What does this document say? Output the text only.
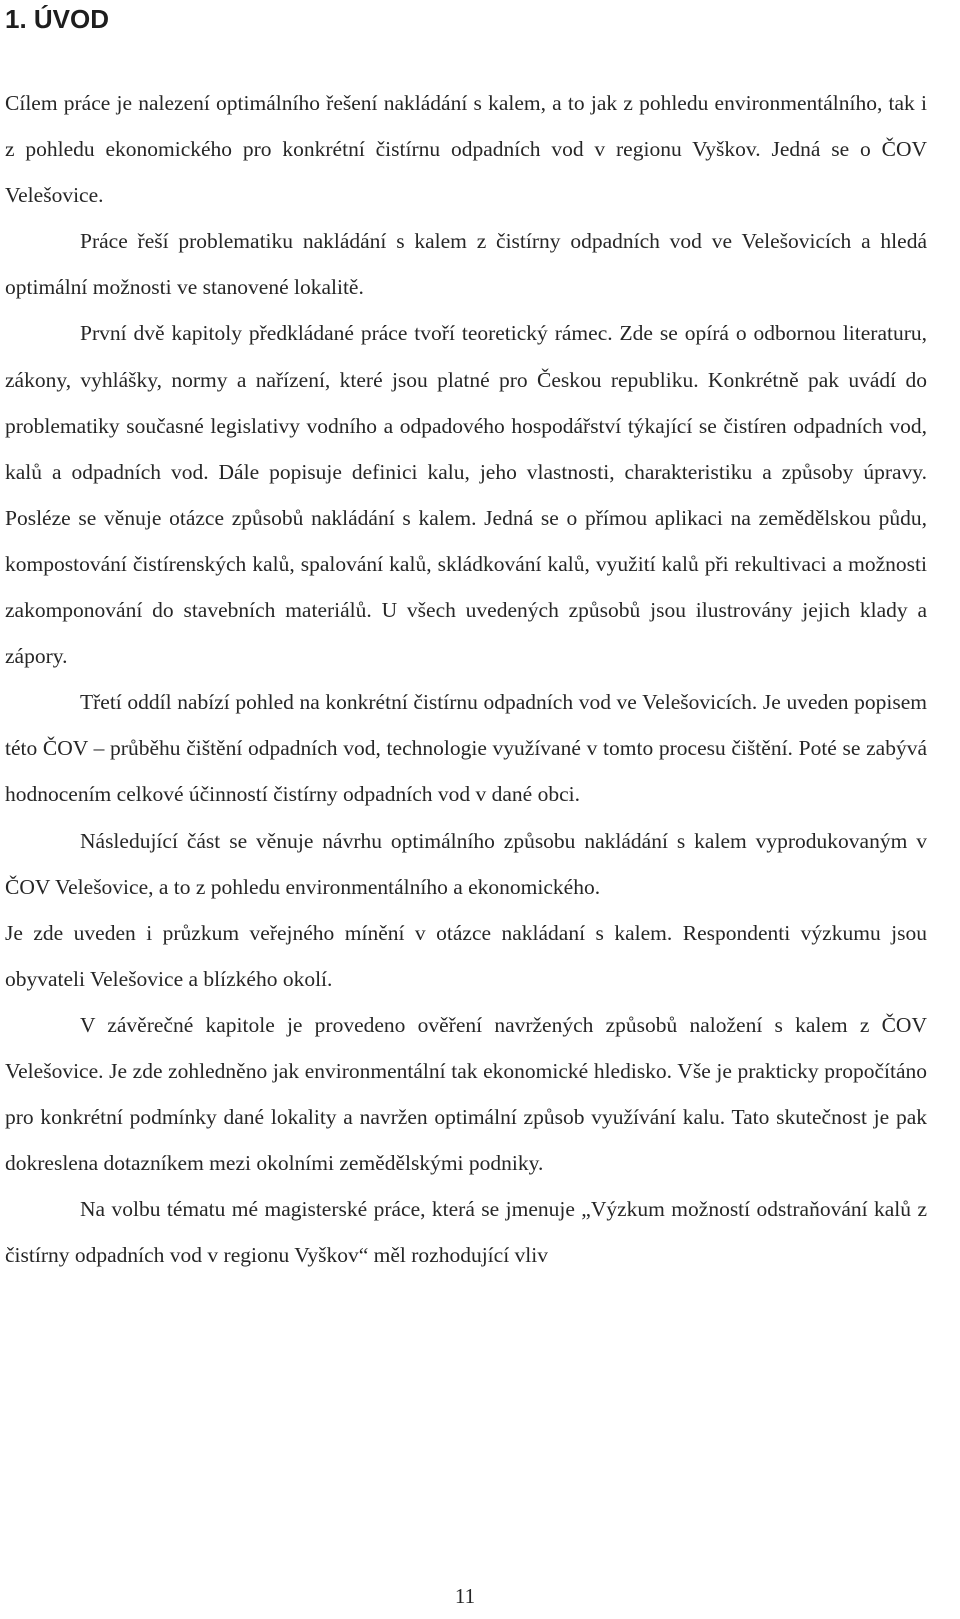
1. ÚVOD

Cílem práce je nalezení optimálního řešení nakládání s kalem, a to jak z pohledu environmentálního, tak i z pohledu ekonomického pro konkrétní čistírnu odpadních vod v regionu Vyškov. Jedná se o ČOV Velešovice.

Práce řeší problematiku nakládání s kalem z čistírny odpadních vod ve Velešovicích a hledá optimální možnosti ve stanovené lokalitě.

První dvě kapitoly předkládané práce tvoří teoretický rámec. Zde se opírá o odbornou literaturu, zákony, vyhlášky, normy a nařízení, které jsou platné pro Českou republiku. Konkrétně pak uvádí do problematiky současné legislativy vodního a odpadového hospodářství týkající se čistíren odpadních vod, kalů a odpadních vod. Dále popisuje definici kalu, jeho vlastnosti, charakteristiku a způsoby úpravy. Posléze se věnuje otázce způsobů nakládání s kalem. Jedná se o přímou aplikaci na zemědělskou půdu, kompostování čistírenských kalů, spalování kalů, skládkování kalů, využití kalů při rekultivaci a možnosti zakomponování do stavebních materiálů. U všech uvedených způsobů jsou ilustrovány jejich klady a zápory.

Třetí oddíl nabízí pohled na konkrétní čistírnu odpadních vod ve Velešovicích. Je uveden popisem této ČOV – průběhu čištění odpadních vod, technologie využívané v tomto procesu čištění. Poté se zabývá hodnocením celkové účinností čistírny odpadních vod v dané obci.

Následující část se věnuje návrhu optimálního způsobu nakládání s kalem vyprodukovaným v ČOV Velešovice, a to z pohledu environmentálního a ekonomického.

Je zde uveden i průzkum veřejného mínění v otázce nakládaní s kalem. Respondenti výzkumu jsou obyvateli Velešovice a blízkého okolí.

V závěrečné kapitole je provedeno ověření navržených způsobů naložení s kalem z ČOV Velešovice. Je zde zohledněno jak environmentální tak ekonomické hledisko. Vše je prakticky propočítáno pro konkrétní podmínky dané lokality a navržen optimální způsob využívání kalu. Tato skutečnost je pak dokreslena dotazníkem mezi okolními zemědělskými podniky.

Na volbu tématu mé magisterské práce, která se jmenuje „Výzkum možností odstraňování kalů z čistírny odpadních vod v regionu Vyškov“ měl rozhodující vliv

11
